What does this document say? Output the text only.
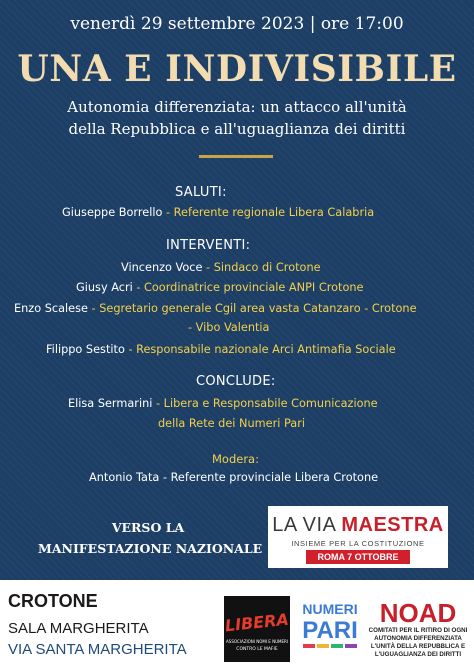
venerdì 29 settembre 2023 | ore 17:00
UNA E INDIVISIBILE
Autonomia differenziata: un attacco all'unità
della Repubblica e all'uguaglianza dei diritti
SALUTI:
Giuseppe Borrello - Referente regionale Libera Calabria
INTERVENTI:
Vincenzo Voce - Sindaco di Crotone
Giusy Acri - Coordinatrice provinciale ANPI Crotone
Enzo Scalese - Segretario generale Cgil area vasta Catanzaro - Crotone
- Vibo Valentia
Filippo Sestito - Responsabile nazionale Arci Antimafia Sociale
CONCLUDE:
Elisa Sermarini - Libera e Responsabile Comunicazione
della Rete dei Numeri Pari
Modera:
Antonio Tata - Referente provinciale Libera Crotone
VERSO LA
MANIFESTAZIONE NAZIONALE
LA VIA MAESTRA
INSIEME PER LA COSTITUZIONE
ROMA 7 OTTOBRE
CROTONE
SALA MARGHERITA
VIA SANTA MARGHERITA
LIBERA
ASSOCIAZIONI NOMI E NUMERI
CONTRO LE MAFIE
NUMERI
PARI
NOAD
COMITATI PER IL RITIRO DI OGNI
AUTONOMIA DIFFERENZIATA
L'UNITÀ DELLA REPUBBLICA E
L'UGUAGLIANZA DEI DIRITTI
